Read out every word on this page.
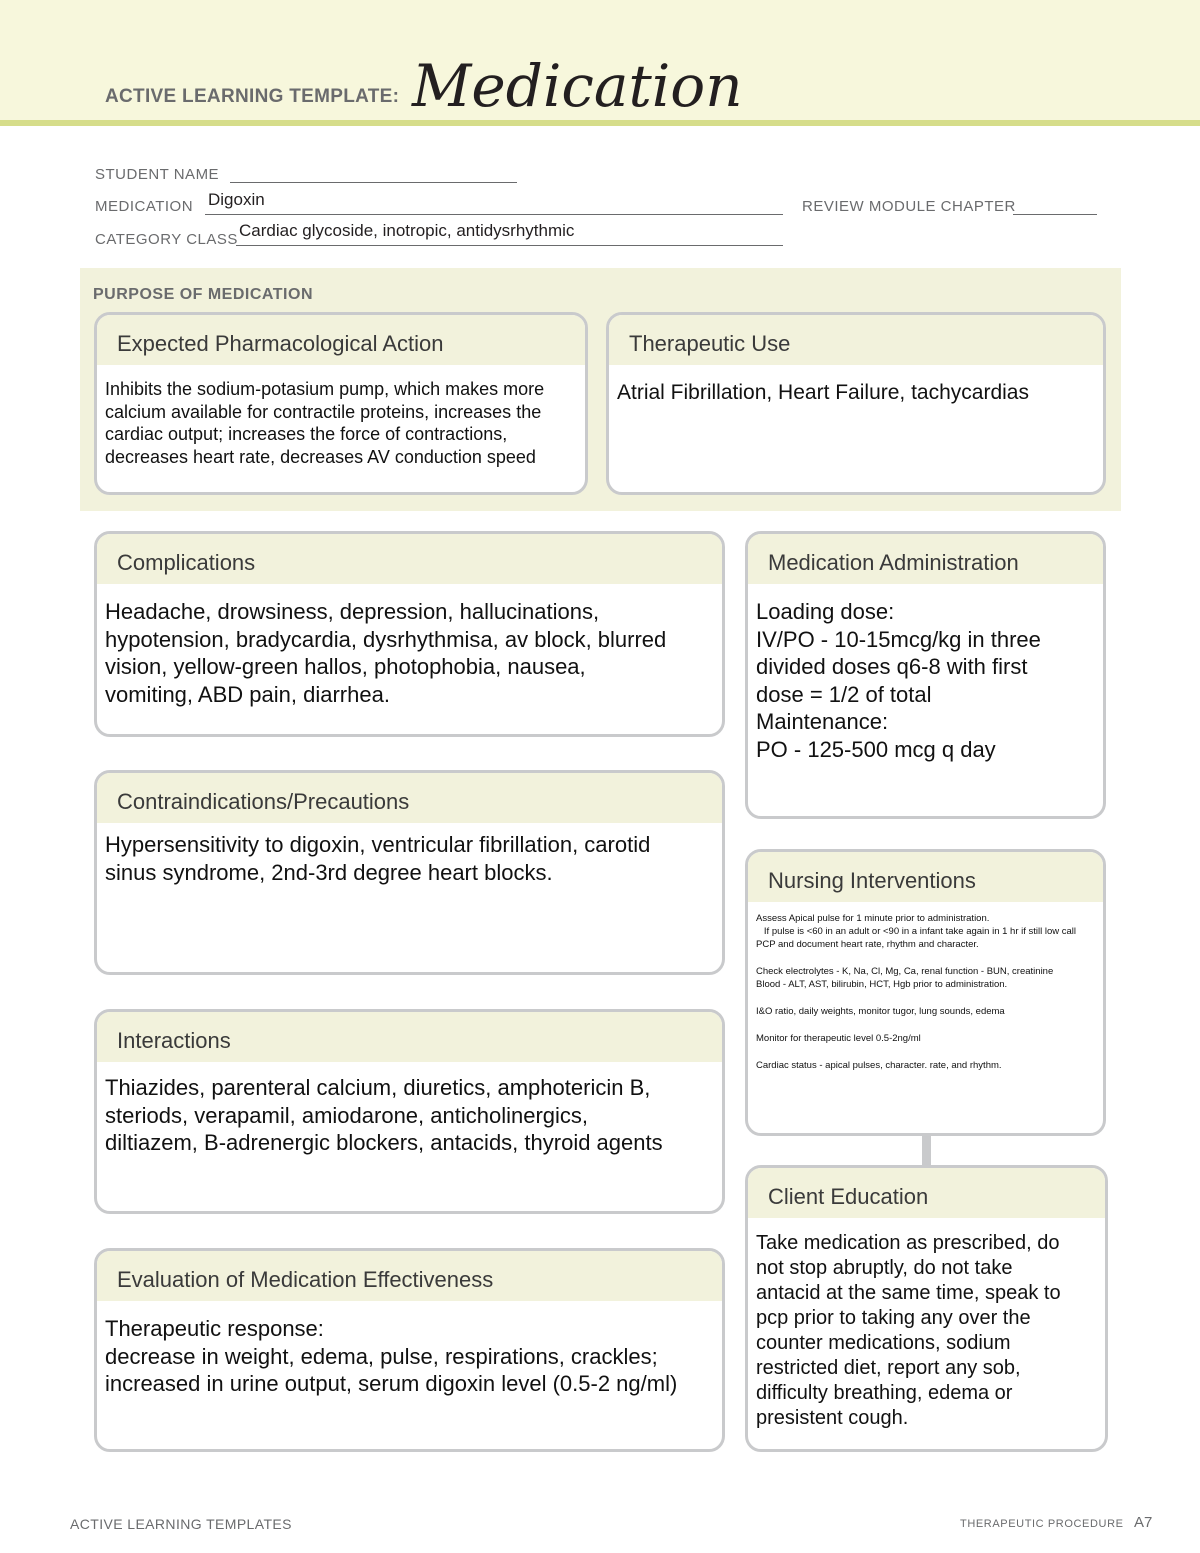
ACTIVE LEARNING TEMPLATE: Medication
STUDENT NAME
MEDICATION Digoxin	REVIEW MODULE CHAPTER
CATEGORY CLASS Cardiac glycoside, inotropic, antidysrhythmic
PURPOSE OF MEDICATION
Expected Pharmacological Action
Inhibits the sodium-potasium pump, which makes more
calcium available for contractile proteins, increases the
cardiac output; increases the force of contractions,
decreases heart rate, decreases AV conduction speed
Therapeutic Use
Atrial Fibrillation, Heart Failure, tachycardias
Complications
Headache, drowsiness, depression, hallucinations,
hypotension, bradycardia, dysrhythmisa, av block, blurred
vision, yellow-green hallos, photophobia, nausea,
vomiting, ABD pain, diarrhea.
Contraindications/Precautions
Hypersensitivity to digoxin, ventricular fibrillation, carotid
sinus syndrome, 2nd-3rd degree heart blocks.
Interactions
Thiazides, parenteral calcium, diuretics, amphotericin B,
steriods, verapamil, amiodarone, anticholinergics,
diltiazem, B-adrenergic blockers, antacids, thyroid agents
Evaluation of Medication Effectiveness
Therapeutic response:
decrease in weight, edema, pulse, respirations, crackles;
increased in urine output, serum digoxin level (0.5-2 ng/ml)
Medication Administration
Loading dose:
IV/PO - 10-15mcg/kg in three
divided doses q6-8 with first
dose = 1/2 of total
Maintenance:
PO - 125-500 mcg q day
Nursing Interventions

Assess Apical pulse for 1 minute prior to administration.

If pulse is <60 in an adult or <90 in a infant take again in 1 hr if still low call PCP and document heart rate, rhythm and character.

Check electrolytes - K, Na, Cl, Mg, Ca, renal function - BUN, creatinine

Blood - ALT, AST, bilirubin, HCT, Hgb prior to administration.

I&O ratio, daily weights, monitor tugor, lung sounds, edema

Monitor for therapeutic level 0.5-2ng/ml

Cardiac status - apical pulses, character. rate, and rhythm.

Client Education
Take medication as prescribed, do
not stop abruptly, do not take
antacid at the same time, speak to
pcp prior to taking any over the
counter medications, sodium
restricted diet, report any sob,
difficulty breathing, edema or
presistent cough.
ACTIVE LEARNING TEMPLATES	THERAPEUTIC PROCEDURE A7
